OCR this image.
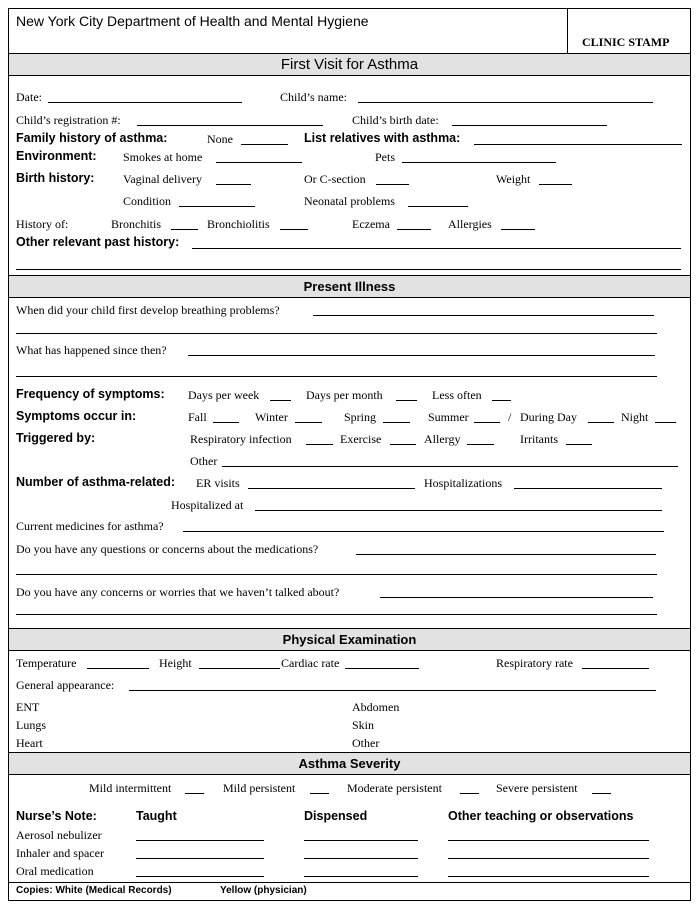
New York City Department of Health and Mental Hygiene
CLINIC STAMP
First Visit for Asthma
Date:	Child’s name:
Child’s registration #:	Child’s birth date:
Family history of asthma:	None	List relatives with asthma:
Environment: Smokes at home	Pets
Birth history: Vaginal delivery	Or C-section	Weight
Condition	Neonatal problems
History of:	Bronchitis	Bronchiolitis	Eczema	Allergies
Other relevant past history:
Present Illness
When did your child first develop breathing problems?
What has happened since then?
Frequency of symptoms: Days per week	Days per month	Less often
Symptoms occur in:	Fall	Winter	Spring	Summer	/ During Day	Night
Triggered by:	Respiratory infection	Exercise	Allergy	Irritants
Other
Number of asthma-related: ER visits	Hospitalizations
Hospitalized at
Current medicines for asthma?
Do you have any questions or concerns about the medications?
Do you have any concerns or worries that we haven’t talked about?
Physical Examination
Temperature	Height	Cardiac rate	Respiratory rate
General appearance:
ENT	Abdomen
Lungs	Skin
Heart	Other
Asthma Severity
Mild intermittent	Mild persistent	Moderate persistent	Severe persistent
Nurse’s Note:	Taught	Dispensed	Other teaching or observations
Aerosol nebulizer
Inhaler and spacer
Oral medication
Copies: White (Medical Records)	Yellow (physician)
